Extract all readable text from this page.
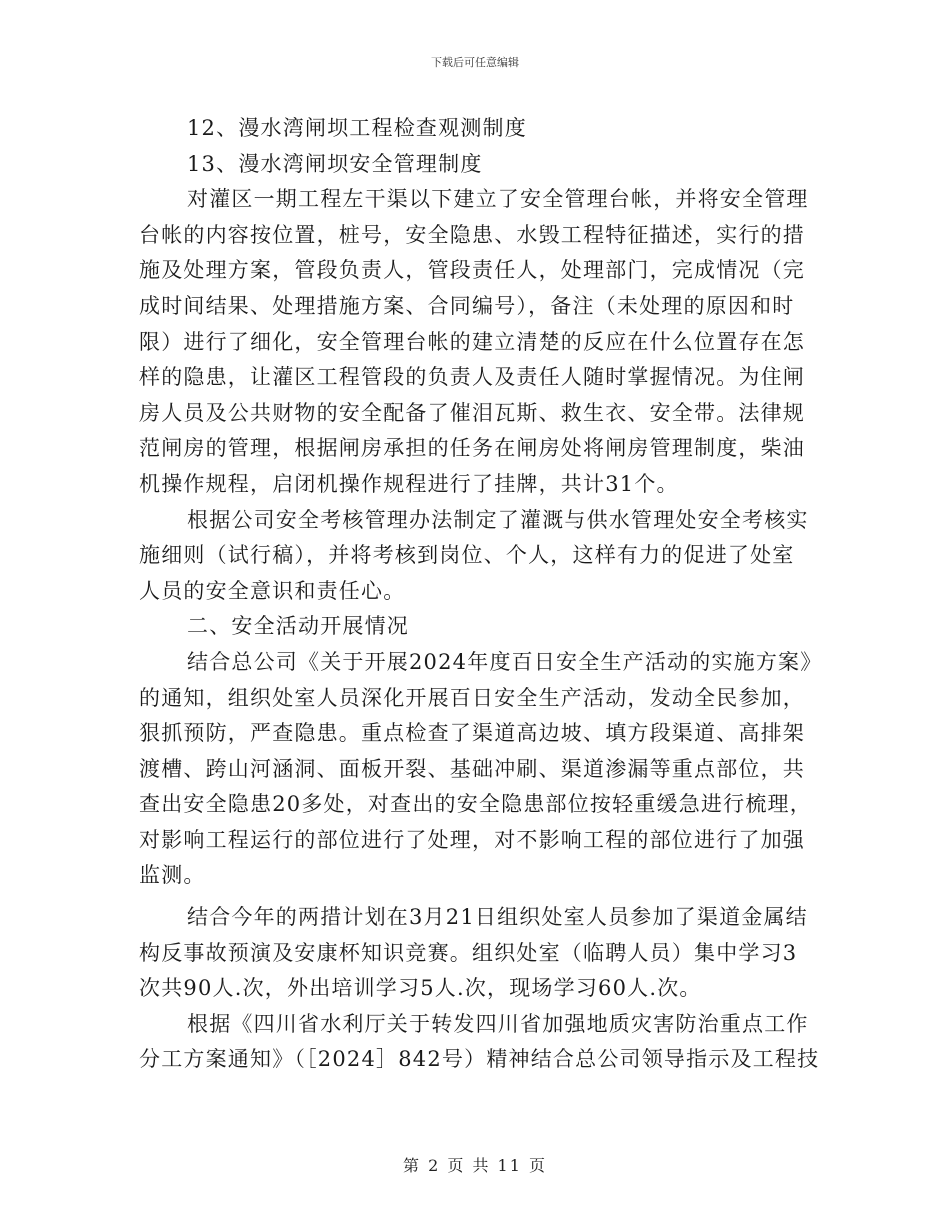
下载后可任意编辑
12、漫水湾闸坝工程检查观测制度
13、漫水湾闸坝安全管理制度
对灌区一期工程左干渠以下建立了安全管理台帐，并将安全管理
台帐的内容按位置，桩号，安全隐患、水毁工程特征描述，实行的措
施及处理方案，管段负责人，管段责任人，处理部门，完成情况（完
成时间结果、处理措施方案、合同编号），备注（未处理的原因和时
限）进行了细化，安全管理台帐的建立清楚的反应在什么位置存在怎
样的隐患，让灌区工程管段的负责人及责任人随时掌握情况。为住闸
房人员及公共财物的安全配备了催泪瓦斯、救生衣、安全带。法律规
范闸房的管理，根据闸房承担的任务在闸房处将闸房管理制度，柴油
机操作规程，启闭机操作规程进行了挂牌，共计31个。
根据公司安全考核管理办法制定了灌溉与供水管理处安全考核实
施细则（试行稿），并将考核到岗位、个人，这样有力的促进了处室
人员的安全意识和责任心。
二、安全活动开展情况
结合总公司《关于开展2024年度百日安全生产活动的实施方案》
的通知，组织处室人员深化开展百日安全生产活动，发动全民参加，
狠抓预防，严查隐患。重点检查了渠道高边坡、填方段渠道、高排架
渡槽、跨山河涵洞、面板开裂、基础冲刷、渠道渗漏等重点部位，共
查出安全隐患20多处，对查出的安全隐患部位按轻重缓急进行梳理，
对影响工程运行的部位进行了处理，对不影响工程的部位进行了加强
监测。
结合今年的两措计划在3月21日组织处室人员参加了渠道金属结
构反事故预演及安康杯知识竞赛。组织处室（临聘人员）集中学习3
次共90人.次，外出培训学习5人.次，现场学习60人.次。
根据《四川省水利厅关于转发四川省加强地质灾害防治重点工作
分工方案通知》（［2024］842号）精神结合总公司领导指示及工程技
第 2 页 共 11 页
